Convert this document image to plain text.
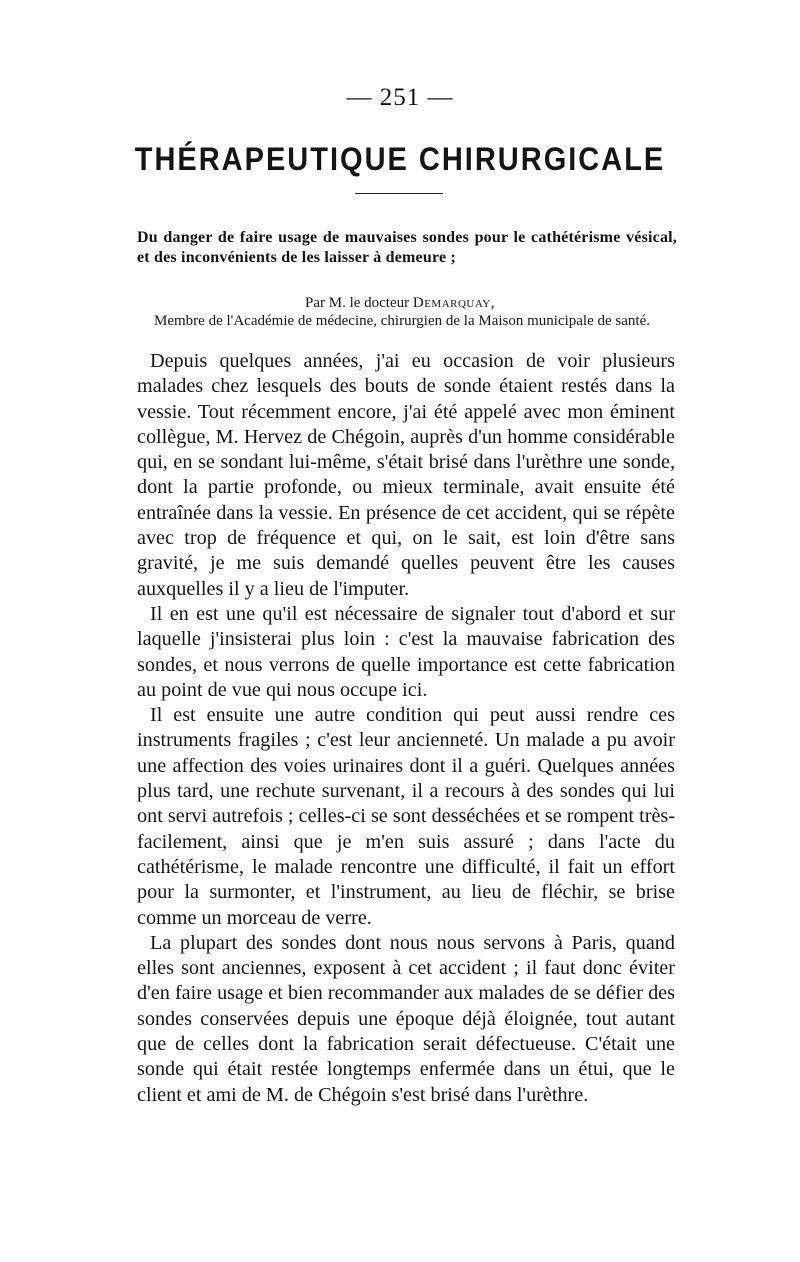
— 251 —
THÉRAPEUTIQUE CHIRURGICALE
Du danger de faire usage de mauvaises sondes pour le cathétérisme vésical, et des inconvénients de les laisser à demeure ;
Par M. le docteur Demarquay,
Membre de l'Académie de médecine, chirurgien de la Maison municipale de santé.

Depuis quelques années, j'ai eu occasion de voir plusieurs malades chez lesquels des bouts de sonde étaient restés dans la vessie. Tout récemment encore, j'ai été appelé avec mon éminent collègue, M. Hervez de Chégoin, auprès d'un homme considérable qui, en se sondant lui-même, s'était brisé dans l'urèthre une sonde, dont la partie profonde, ou mieux terminale, avait ensuite été entraînée dans la vessie. En présence de cet accident, qui se répète avec trop de fréquence et qui, on le sait, est loin d'être sans gravité, je me suis demandé quelles peuvent être les causes auxquelles il y a lieu de l'imputer.

Il en est une qu'il est nécessaire de signaler tout d'abord et sur laquelle j'insisterai plus loin : c'est la mauvaise fabrication des sondes, et nous verrons de quelle importance est cette fabrication au point de vue qui nous occupe ici.

Il est ensuite une autre condition qui peut aussi rendre ces instruments fragiles ; c'est leur ancienneté. Un malade a pu avoir une affection des voies urinaires dont il a guéri. Quelques années plus tard, une rechute survenant, il a recours à des sondes qui lui ont servi autrefois ; celles-ci se sont desséchées et se rompent très-facilement, ainsi que je m'en suis assuré ; dans l'acte du cathétérisme, le malade rencontre une difficulté, il fait un effort pour la surmonter, et l'instrument, au lieu de fléchir, se brise comme un morceau de verre.

La plupart des sondes dont nous nous servons à Paris, quand elles sont anciennes, exposent à cet accident ; il faut donc éviter d'en faire usage et bien recommander aux malades de se défier des sondes conservées depuis une époque déjà éloignée, tout autant que de celles dont la fabrication serait défectueuse. C'était une sonde qui était restée longtemps enfermée dans un étui, que le client et ami de M. de Chégoin s'est brisé dans l'urèthre.
